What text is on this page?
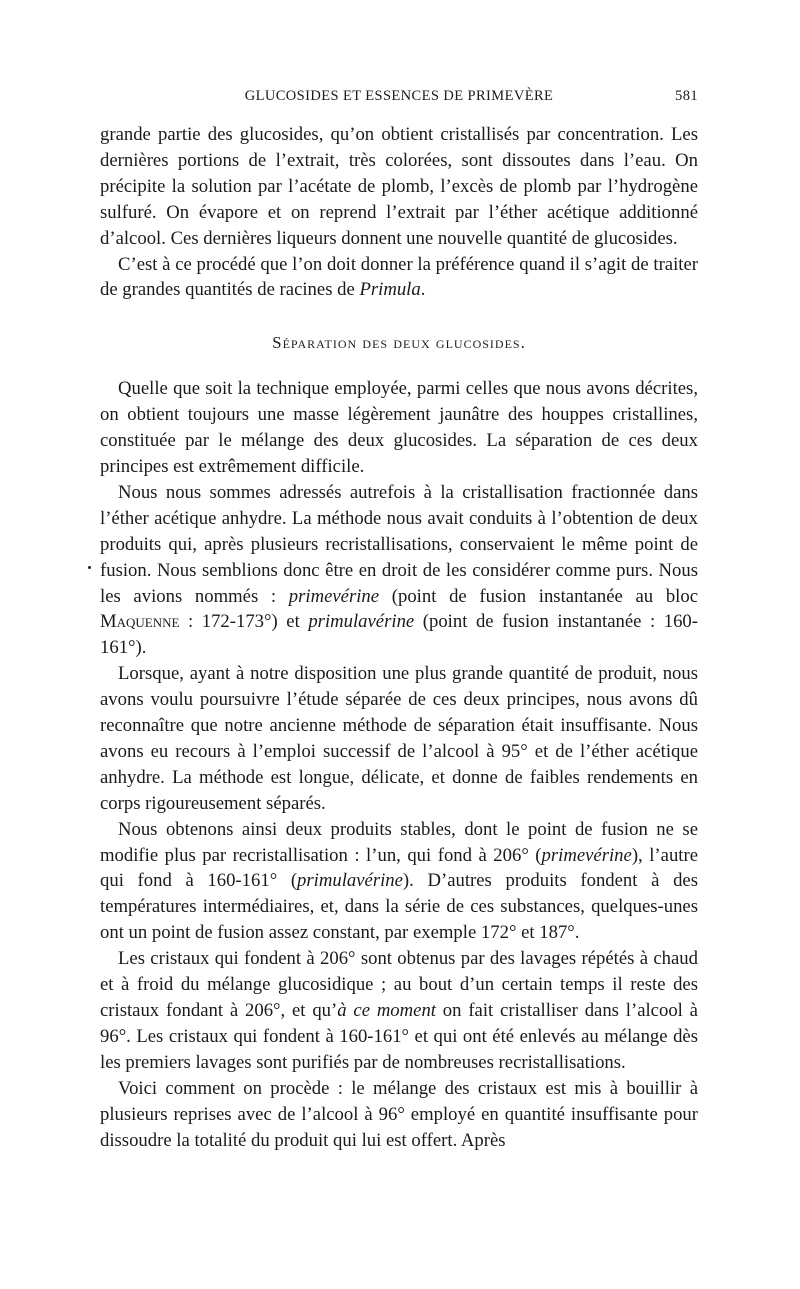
GLUCOSIDES ET ESSENCES DE PRIMEVÈRE	581

grande partie des glucosides, qu’on obtient cristallisés par concentration. Les dernières portions de l’extrait, très colorées, sont dissoutes dans l’eau. On précipite la solution par l’acétate de plomb, l’excès de plomb par l’hydrogène sulfuré. On évapore et on reprend l’extrait par l’éther acétique additionné d’alcool. Ces dernières liqueurs donnent une nouvelle quantité de glucosides.

C’est à ce procédé que l’on doit donner la préférence quand il s’agit de traiter de grandes quantités de racines de Primula.

Séparation des deux glucosides.

Quelle que soit la technique employée, parmi celles que nous avons décrites, on obtient toujours une masse légèrement jaunâtre des houppes cristallines, constituée par le mélange des deux glucosides. La séparation de ces deux principes est extrêmement difficile.

Nous nous sommes adressés autrefois à la cristallisation fractionnée dans l’éther acétique anhydre. La méthode nous avait conduits à l’obtention de deux produits qui, après plusieurs recristallisations, conservaient le même point de fusion. Nous semblions donc être en droit de les considérer comme purs. Nous les avions nommés : primevérine (point de fusion instantanée au bloc Maquenne : 172-173°) et primulavérine (point de fusion instantanée : 160-161°).

Lorsque, ayant à notre disposition une plus grande quantité de produit, nous avons voulu poursuivre l’étude séparée de ces deux principes, nous avons dû reconnaître que notre ancienne méthode de séparation était insuffisante. Nous avons eu recours à l’emploi successif de l’alcool à 95° et de l’éther acétique anhydre. La méthode est longue, délicate, et donne de faibles rendements en corps rigoureusement séparés.

Nous obtenons ainsi deux produits stables, dont le point de fusion ne se modifie plus par recristallisation : l’un, qui fond à 206° (primevérine), l’autre qui fond à 160-161° (primulavérine). D’autres produits fondent à des températures intermédiaires, et, dans la série de ces substances, quelques-unes ont un point de fusion assez constant, par exemple 172° et 187°.

Les cristaux qui fondent à 206° sont obtenus par des lavages répétés à chaud et à froid du mélange glucosidique ; au bout d’un certain temps il reste des cristaux fondant à 206°, et qu’à ce moment on fait cristalliser dans l’alcool à 96°. Les cristaux qui fondent à 160-161° et qui ont été enlevés au mélange dès les premiers lavages sont purifiés par de nombreuses recristallisations.

Voici comment on procède : le mélange des cristaux est mis à bouillir à plusieurs reprises avec de l’alcool à 96° employé en quantité insuffisante pour dissoudre la totalité du produit qui lui est offert. Après
